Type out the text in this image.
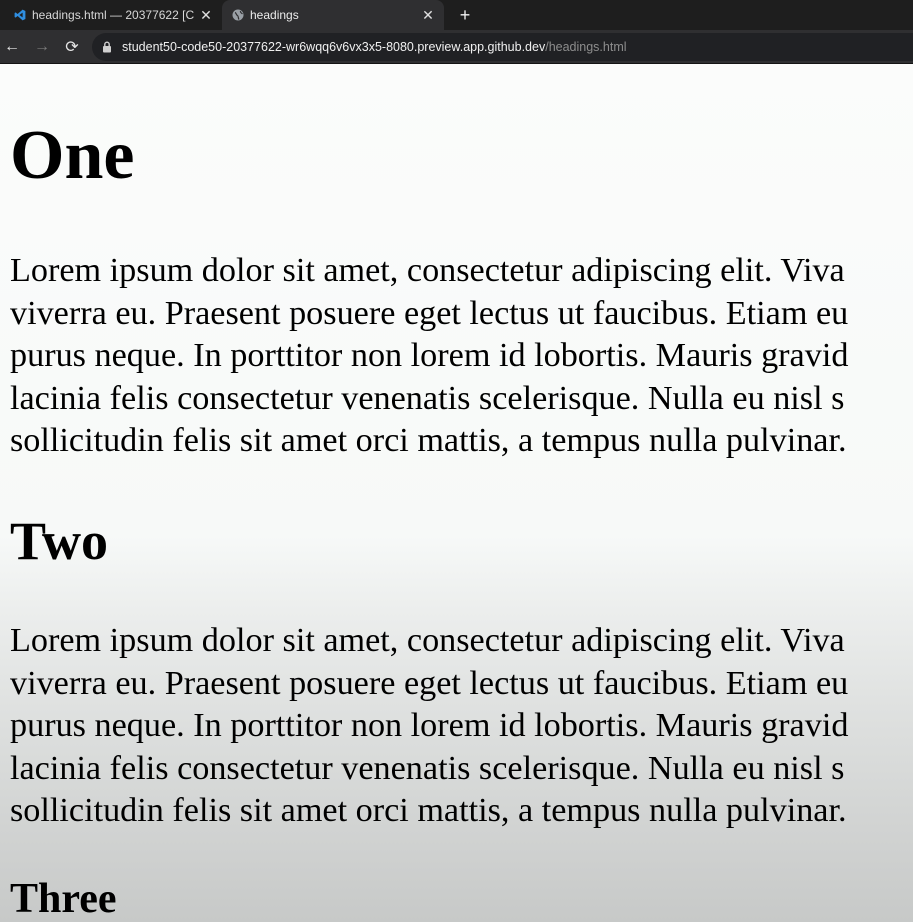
headings.html — 20377622 [C ✕	headings	✕	+
← → ⟳	student50-code50-20377622-wr6wqq6v6vx3x5-8080.preview.app.github.dev /headings.html
One

Lorem ipsum dolor sit amet, consectetur adipiscing elit. Viva
viverra eu. Praesent posuere eget lectus ut faucibus. Etiam eu
purus neque. In porttitor non lorem id lobortis. Mauris gravid
lacinia felis consectetur venenatis scelerisque. Nulla eu nisl s
sollicitudin felis sit amet orci mattis, a tempus nulla pulvinar.

Two

Lorem ipsum dolor sit amet, consectetur adipiscing elit. Viva
viverra eu. Praesent posuere eget lectus ut faucibus. Etiam eu
purus neque. In porttitor non lorem id lobortis. Mauris gravid
lacinia felis consectetur venenatis scelerisque. Nulla eu nisl s
sollicitudin felis sit amet orci mattis, a tempus nulla pulvinar.

Three
